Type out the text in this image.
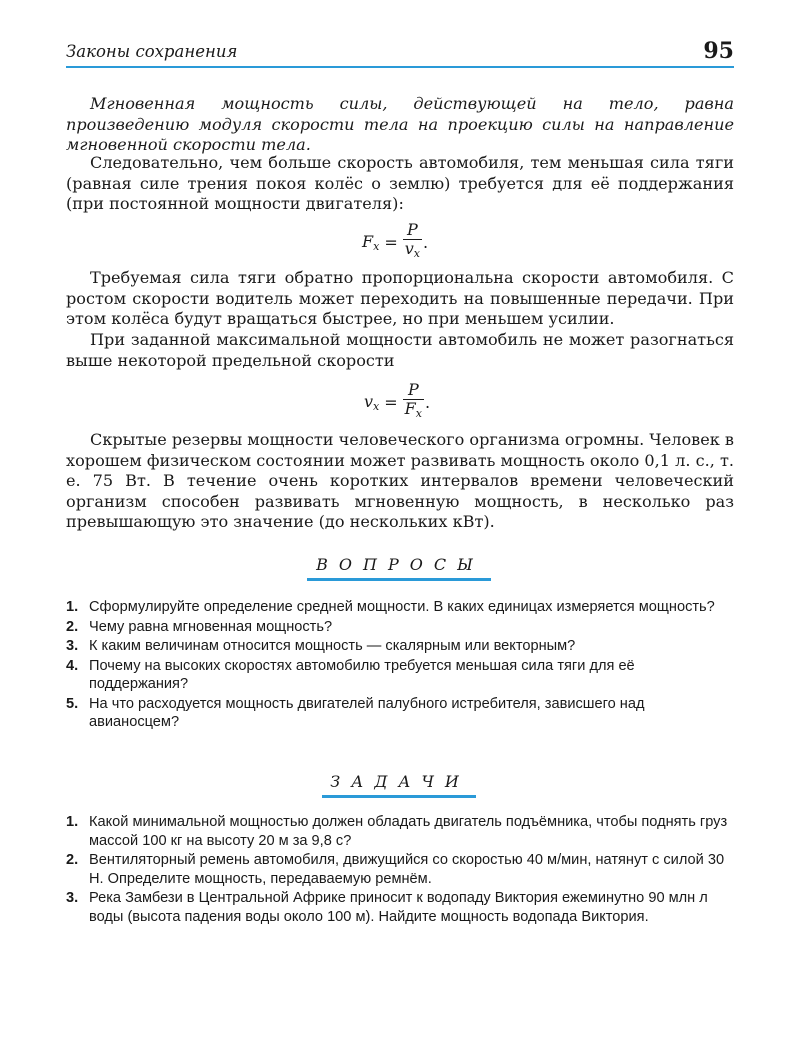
Законы сохранения	95

Мгновенная мощность силы, действующей на тело, равна произведению модуля скорости тела на проекцию силы на направление мгновенной скорости тела.

Следовательно, чем больше скорость автомобиля, тем меньшая сила тяги (равная силе трения покоя колёс о землю) требуется для её поддержания (при постоянной мощности двигателя):

$F_x = \frac{P}{v_x}$ .

Требуемая сила тяги обратно пропорциональна скорости автомобиля. С ростом скорости водитель может переходить на повышенные передачи. При этом колёса будут вращаться быстрее, но при меньшем усилии.

При заданной максимальной мощности автомобиль не может разогнаться выше некоторой предельной скорости

$v_x = \frac{P}{F_x}$ .

Скрытые резервы мощности человеческого организма огромны. Человек в хорошем физическом состоянии может развивать мощность около 0,1 л. с., т. е. 75 Вт. В течение очень коротких интервалов времени человеческий организм способен развивать мгновенную мощность, в несколько раз превышающую это значение (до нескольких кВт).

ВОПРОСЫ
1. Сформулируйте определение средней мощности. В каких единицах измеряется мощность?
2. Чему равна мгновенная мощность?
3. К каким величинам относится мощность — скалярным или векторным?
4. Почему на высоких скоростях автомобилю требуется меньшая сила тяги для её поддержания?
5. На что расходуется мощность двигателей палубного истребителя, зависшего над авианосцем?
ЗАДАЧИ
1. Какой минимальной мощностью должен обладать двигатель подъёмника, чтобы поднять груз массой 100 кг на высоту 20 м за 9,8 с?
2. Вентиляторный ремень автомобиля, движущийся со скоростью 40 м/мин, натянут с силой 30 Н. Определите мощность, передаваемую ремнём.
3. Река Замбези в Центральной Африке приносит к водопаду Виктория ежеминутно 90 млн л воды (высота падения воды около 100 м). Найдите мощность водопада Виктория.
